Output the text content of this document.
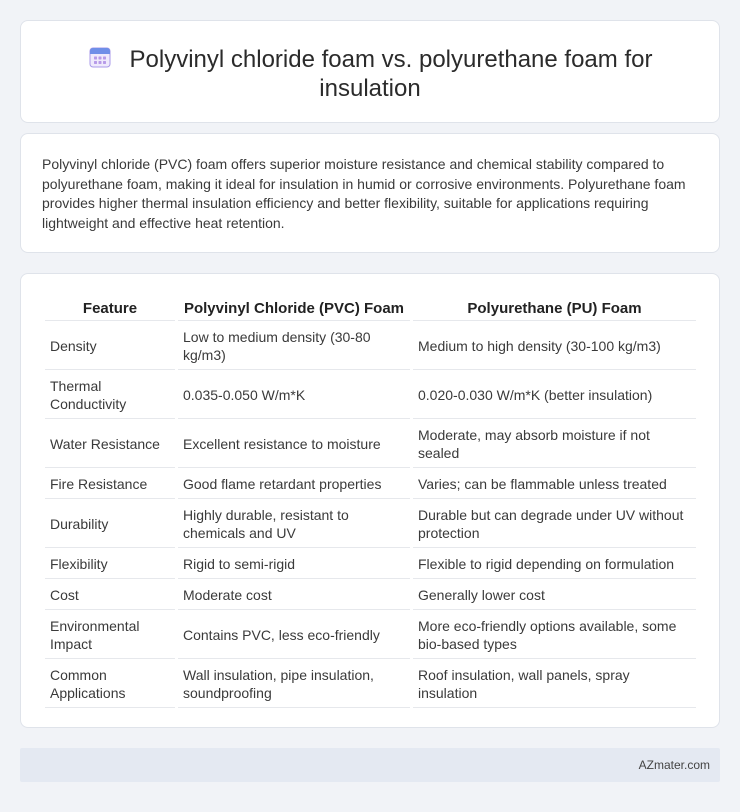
Polyvinyl chloride foam vs. polyurethane foam for insulation

Polyvinyl chloride (PVC) foam offers superior moisture resistance and chemical stability compared to polyurethane foam, making it ideal for insulation in humid or corrosive environments. Polyurethane foam provides higher thermal insulation efficiency and better flexibility, suitable for applications requiring lightweight and effective heat retention.

Feature	Polyvinyl Chloride (PVC) Foam	Polyurethane (PU) Foam
Density	Low to medium density (30-80 kg/m3)	Medium to high density (30-100 kg/m3)
Thermal Conductivity	0.035-0.050 W/m*K	0.020-0.030 W/m*K (better insulation)
Water Resistance	Excellent resistance to moisture	Moderate, may absorb moisture if not sealed
Fire Resistance	Good flame retardant properties	Varies; can be flammable unless treated
Durability	Highly durable, resistant to chemicals and UV	Durable but can degrade under UV without protection
Flexibility	Rigid to semi-rigid	Flexible to rigid depending on formulation
Cost	Moderate cost	Generally lower cost
Environmental Impact	Contains PVC, less eco-friendly	More eco-friendly options available, some bio-based types
Common Applications	Wall insulation, pipe insulation, soundproofing	Roof insulation, wall panels, spray insulation
AZmater.com
